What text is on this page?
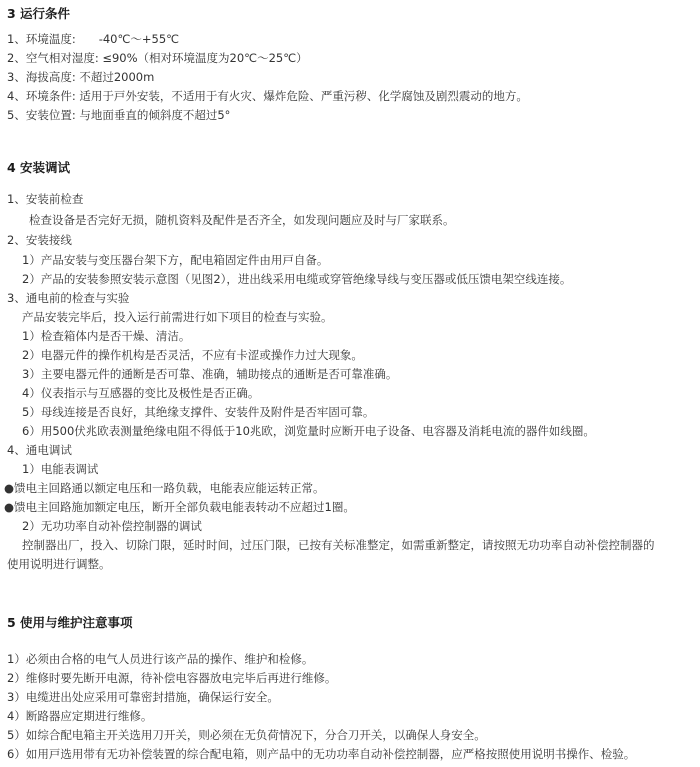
3 运行条件
1、环境温度:　　-40℃～+55℃
2、空气相对湿度: ≤90%（相对环境温度为20℃～25℃）
3、海拔高度: 不超过2000m
4、环境条件: 适用于戸外安装，不适用于有火灾、爆炸危险、严重污秽、化学腐蚀及剧烈震动的地方。
5、安装位置: 与地面垂直的倾斜度不超过5°
4 安装调试
1、安装前检查
检查设备是否完好无损，随机资料及配件是否齐全，如发现问题应及时与厂家联系。
2、安装接线
1）产品安装与变压器台架下方，配电箱固定件由用戸自备。
2）产品的安装参照安装示意图（见图2），进出线采用电缆或穿管绝缘导线与变压器或低压馈电架空线连接。
3、通电前的检查与实验
产品安装完毕后，投入运行前需进行如下项目的检查与实验。
1）检查箱体内是否干燥、清洁。
2）电器元件的操作机构是否灵活，不应有卡涩或操作力过大现象。
3）主要电器元件的通断是否可靠、准确，辅助接点的通断是否可靠准确。
4）仪表指示与互感器的变比及极性是否正确。
5）母线连接是否良好，其绝缘支撑件、安装件及附件是否牢固可靠。
6）用500伏兆欧表测量绝缘电阻不得低于10兆欧，浏览量时应断开电子设备、电容器及消耗电流的器件如线圈。
4、通电调试
1）电能表调试
●馈电主回路通以额定电压和一路负载，电能表应能运转正常。
●馈电主回路施加额定电压，断开全部负载电能表转动不应超过1圈。
2）无功功率自动补偿控制器的调试
控制器出厂，投入、切除门限，延时时间，过压门限，已按有关标准整定，如需重新整定，请按照无功功率自动补偿控制器的
使用说明进行调整。
5 使用与维护注意事项
1）必须由合格的电气人员进行该产品的操作、维护和检修。
2）维修时要先断开电源，待补偿电容器放电完毕后再进行维修。
3）电缆进出处应采用可靠密封措施，确保运行安全。
4）断路器应定期进行维修。
5）如综合配电箱主开关选用刀开关，则必须在无负荷情况下，分合刀开关，以确保人身安全。
6）如用戸选用带有无功补偿装置的综合配电箱，则产品中的无功功率自动补偿控制器，应严格按照使用说明书操作、检验。
